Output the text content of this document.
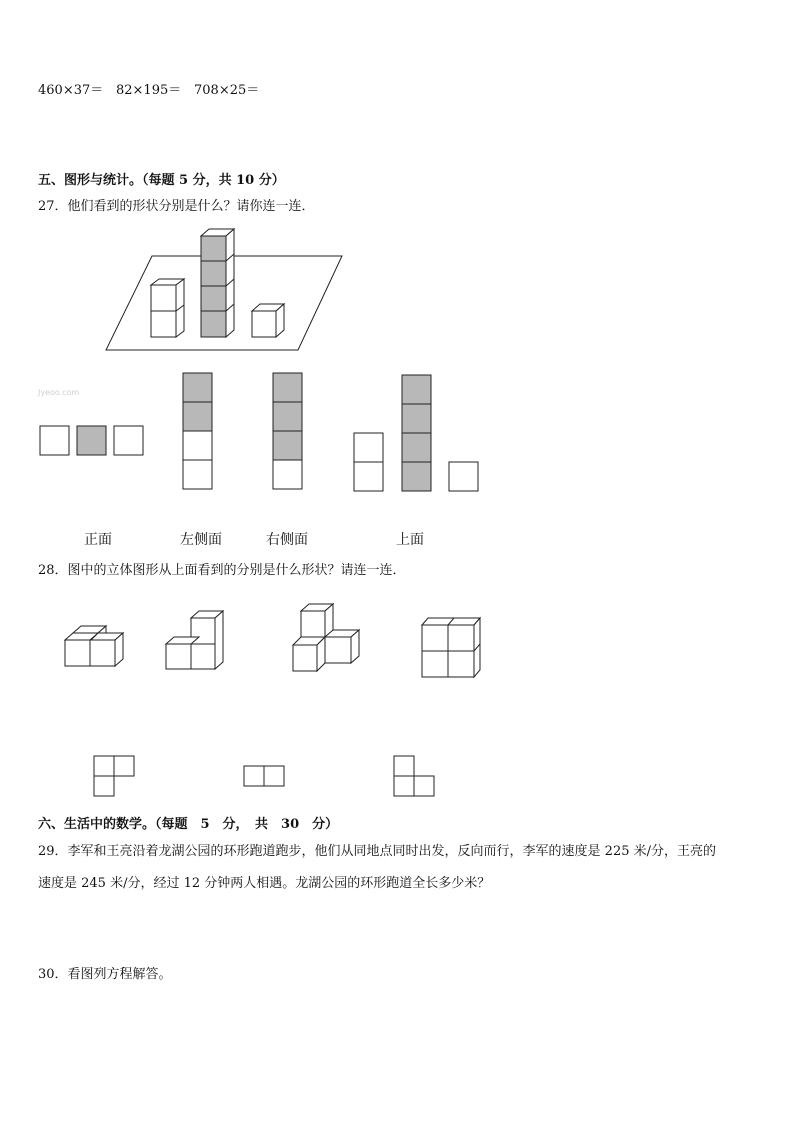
460×37＝ 82×195＝ 708×25＝
五、图形与统计。（每题 5 分，共 10 分）
27．他们看到的形状分别是什么？请你连一连．
Jyeoo.com
正面	左侧面	右侧面	上面
28．图中的立体图形从上面看到的分别是什么形状？请连一连．
六、生活中的数学。（每题　5　分，　共　30　分）
29．李军和王亮沿着龙湖公园的环形跑道跑步，他们从同地点同时出发，反向而行，李军的速度是 225 米/分，王亮的
速度是 245 米/分，经过 12 分钟两人相遇。龙湖公园的环形跑道全长多少米？
30．看图列方程解答。
